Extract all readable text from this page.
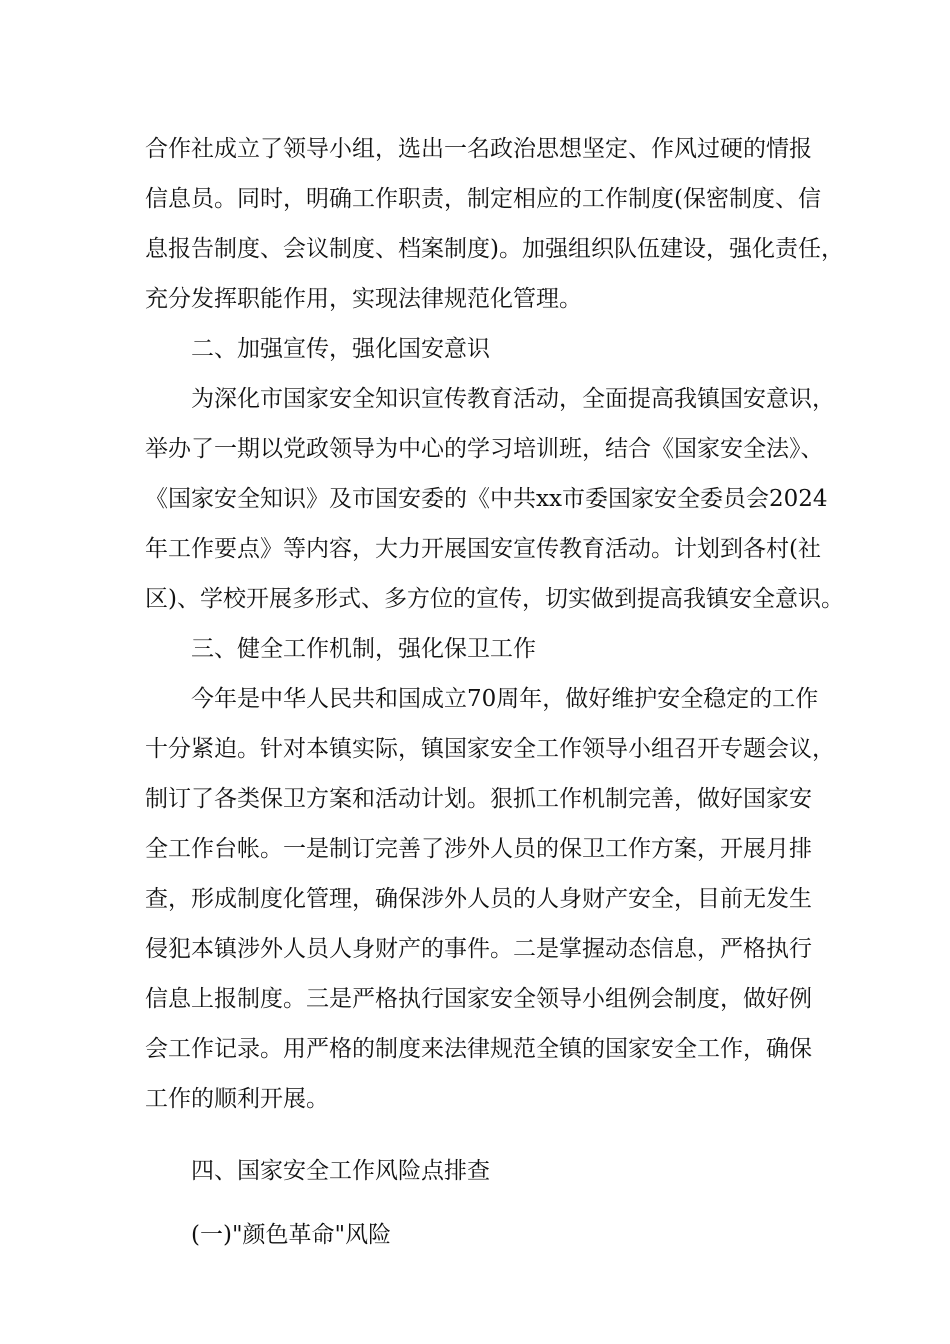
合作社成立了领导小组，选出一名政治思想坚定、作风过硬的情报
信息员。同时，明确工作职责，制定相应的工作制度(保密制度、信
息报告制度、会议制度、档案制度)。加强组织队伍建设，强化责任，
充分发挥职能作用，实现法律规范化管理。
二、加强宣传，强化国安意识
为深化市国家安全知识宣传教育活动，全面提高我镇国安意识，
举办了一期以党政领导为中心的学习培训班，结合《国家安全法》、
《国家安全知识》及市国安委的《中共xx市委国家安全委员会2024
年工作要点》等内容，大力开展国安宣传教育活动。计划到各村(社
区)、学校开展多形式、多方位的宣传，切实做到提高我镇安全意识。
三、健全工作机制，强化保卫工作
今年是中华人民共和国成立70周年，做好维护安全稳定的工作
十分紧迫。针对本镇实际，镇国家安全工作领导小组召开专题会议，
制订了各类保卫方案和活动计划。狠抓工作机制完善，做好国家安
全工作台帐。一是制订完善了涉外人员的保卫工作方案，开展月排
查，形成制度化管理，确保涉外人员的人身财产安全，目前无发生
侵犯本镇涉外人员人身财产的事件。二是掌握动态信息，严格执行
信息上报制度。三是严格执行国家安全领导小组例会制度，做好例
会工作记录。用严格的制度来法律规范全镇的国家安全工作，确保
工作的顺利开展。
四、国家安全工作风险点排查
(一)"颜色革命"风险
